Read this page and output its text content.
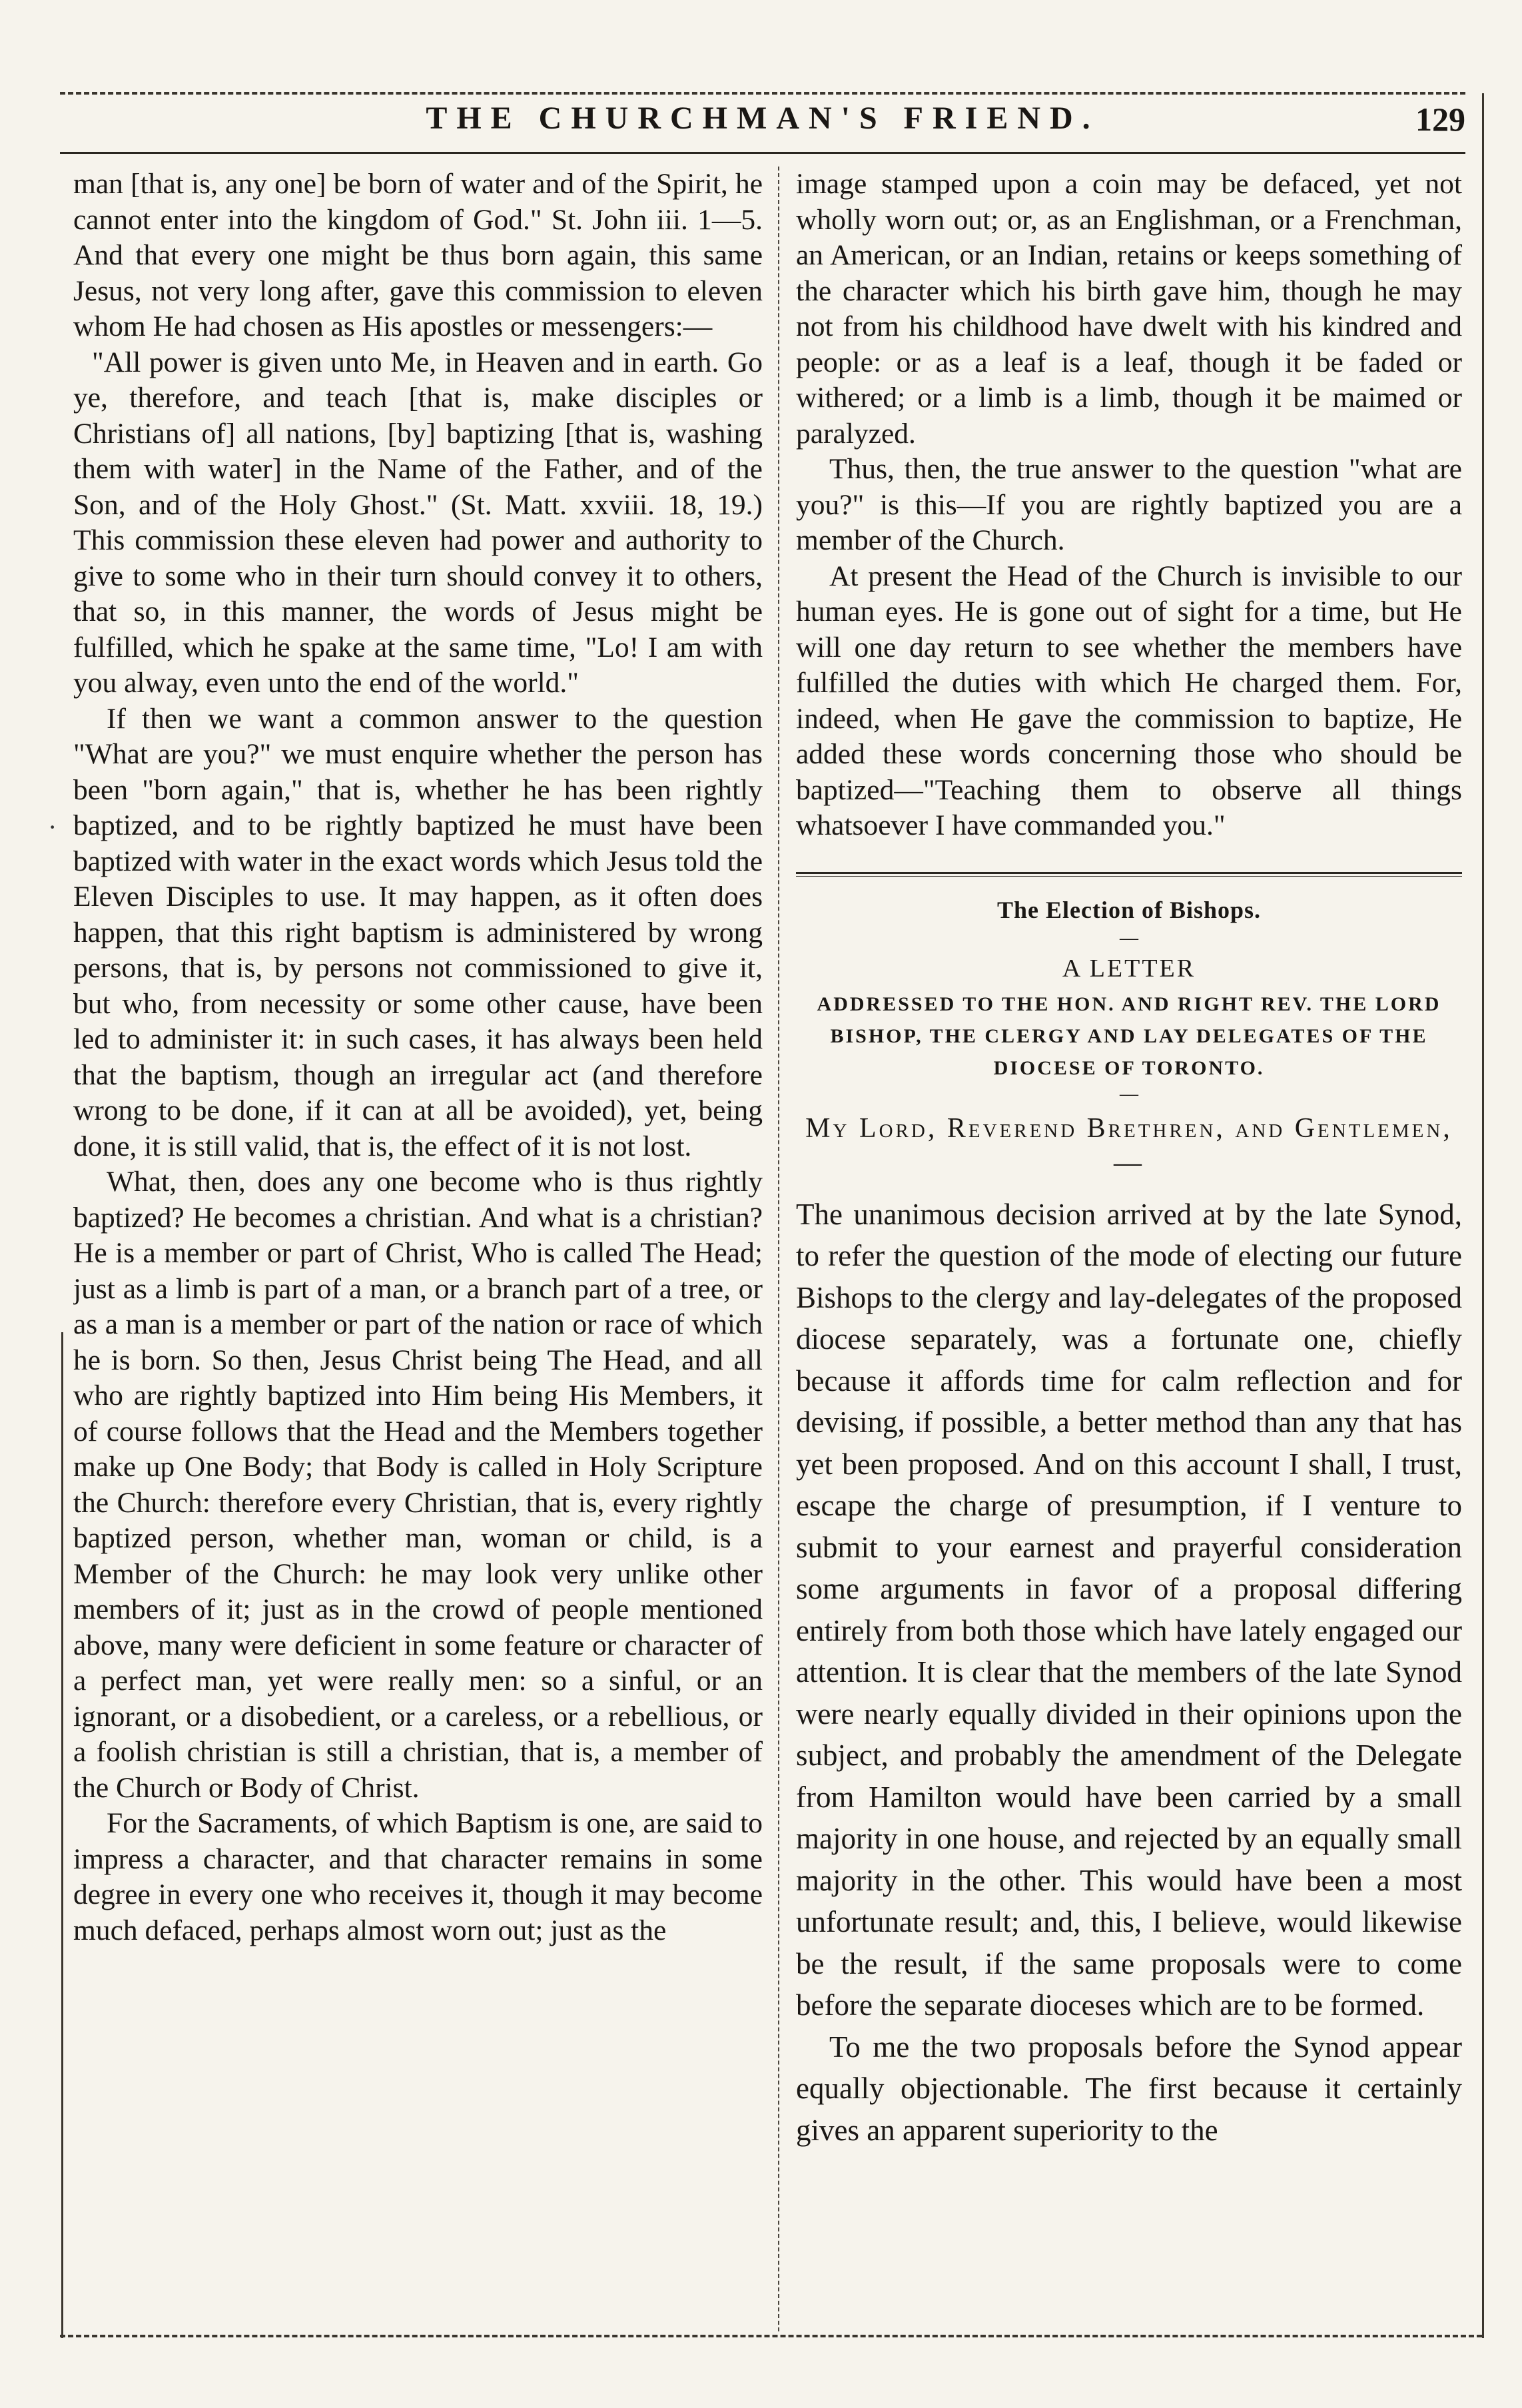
THE CHURCHMAN'S FRIEND.	129
·

man [that is, any one] be born of water and of the Spirit, he cannot enter into the kingdom of God." St. John iii. 1—5. And that every one might be thus born again, this same Jesus, not very long after, gave this commission to eleven whom He had chosen as His apostles or messengers:—

"All power is given unto Me, in Heaven and in earth. Go ye, therefore, and teach [that is, make disciples or Christians of] all nations, [by] baptizing [that is, washing them with water] in the Name of the Father, and of the Son, and of the Holy Ghost." (St. Matt. xxviii. 18, 19.) This commission these eleven had power and authority to give to some who in their turn should convey it to others, that so, in this manner, the words of Jesus might be fulfilled, which he spake at the same time, "Lo! I am with you alway, even unto the end of the world."

If then we want a common answer to the question "What are you?" we must enquire whether the person has been "born again," that is, whether he has been rightly baptized, and to be rightly baptized he must have been baptized with water in the exact words which Jesus told the Eleven Disciples to use. It may happen, as it often does happen, that this right baptism is administered by wrong persons, that is, by persons not commissioned to give it, but who, from necessity or some other cause, have been led to administer it: in such cases, it has always been held that the baptism, though an irregular act (and therefore wrong to be done, if it can at all be avoided), yet, being done, it is still valid, that is, the effect of it is not lost.

What, then, does any one become who is thus rightly baptized? He becomes a christian. And what is a christian? He is a member or part of Christ, Who is called The Head; just as a limb is part of a man, or a branch part of a tree, or as a man is a member or part of the nation or race of which he is born. So then, Jesus Christ being The Head, and all who are rightly baptized into Him being His Members, it of course follows that the Head and the Members together make up One Body; that Body is called in Holy Scripture the Church: therefore every Christian, that is, every rightly baptized person, whether man, woman or child, is a Member of the Church: he may look very unlike other members of it; just as in the crowd of people mentioned above, many were deficient in some feature or character of a perfect man, yet were really men: so a sinful, or an ignorant, or a disobedient, or a careless, or a rebellious, or a foolish christian is still a christian, that is, a member of the Church or Body of Christ.

For the Sacraments, of which Baptism is one, are said to impress a character, and that character remains in some degree in every one who receives it, though it may become much defaced, perhaps almost worn out; just as the

image stamped upon a coin may be defaced, yet not wholly worn out; or, as an Englishman, or a Frenchman, an American, or an Indian, retains or keeps something of the character which his birth gave him, though he may not from his childhood have dwelt with his kindred and people: or as a leaf is a leaf, though it be faded or withered; or a limb is a limb, though it be maimed or paralyzed.

Thus, then, the true answer to the question "what are you?" is this—If you are rightly baptized you are a member of the Church.

At present the Head of the Church is invisible to our human eyes. He is gone out of sight for a time, but He will one day return to see whether the members have fulfilled the duties with which He charged them. For, indeed, when He gave the commission to baptize, He added these words concerning those who should be baptized—"Teaching them to observe all things whatsoever I have commanded you."

The Election of Bishops.
—
A LETTER
ADDRESSED TO THE HON. AND RIGHT REV. THE LORD BISHOP, THE CLERGY AND LAY DELEGATES OF THE DIOCESE OF TORONTO.
—
My Lord, Reverend Brethren, and Gentlemen,—

The unanimous decision arrived at by the late Synod, to refer the question of the mode of electing our future Bishops to the clergy and lay-delegates of the proposed diocese separately, was a fortunate one, chiefly because it affords time for calm reflection and for devising, if possible, a better method than any that has yet been proposed. And on this account I shall, I trust, escape the charge of presumption, if I venture to submit to your earnest and prayerful consideration some arguments in favor of a proposal differing entirely from both those which have lately engaged our attention. It is clear that the members of the late Synod were nearly equally divided in their opinions upon the subject, and probably the amendment of the Delegate from Hamilton would have been carried by a small majority in one house, and rejected by an equally small majority in the other. This would have been a most unfortunate result; and, this, I believe, would likewise be the result, if the same proposals were to come before the separate dioceses which are to be formed.

To me the two proposals before the Synod appear equally objectionable. The first because it certainly gives an apparent superiority to the
